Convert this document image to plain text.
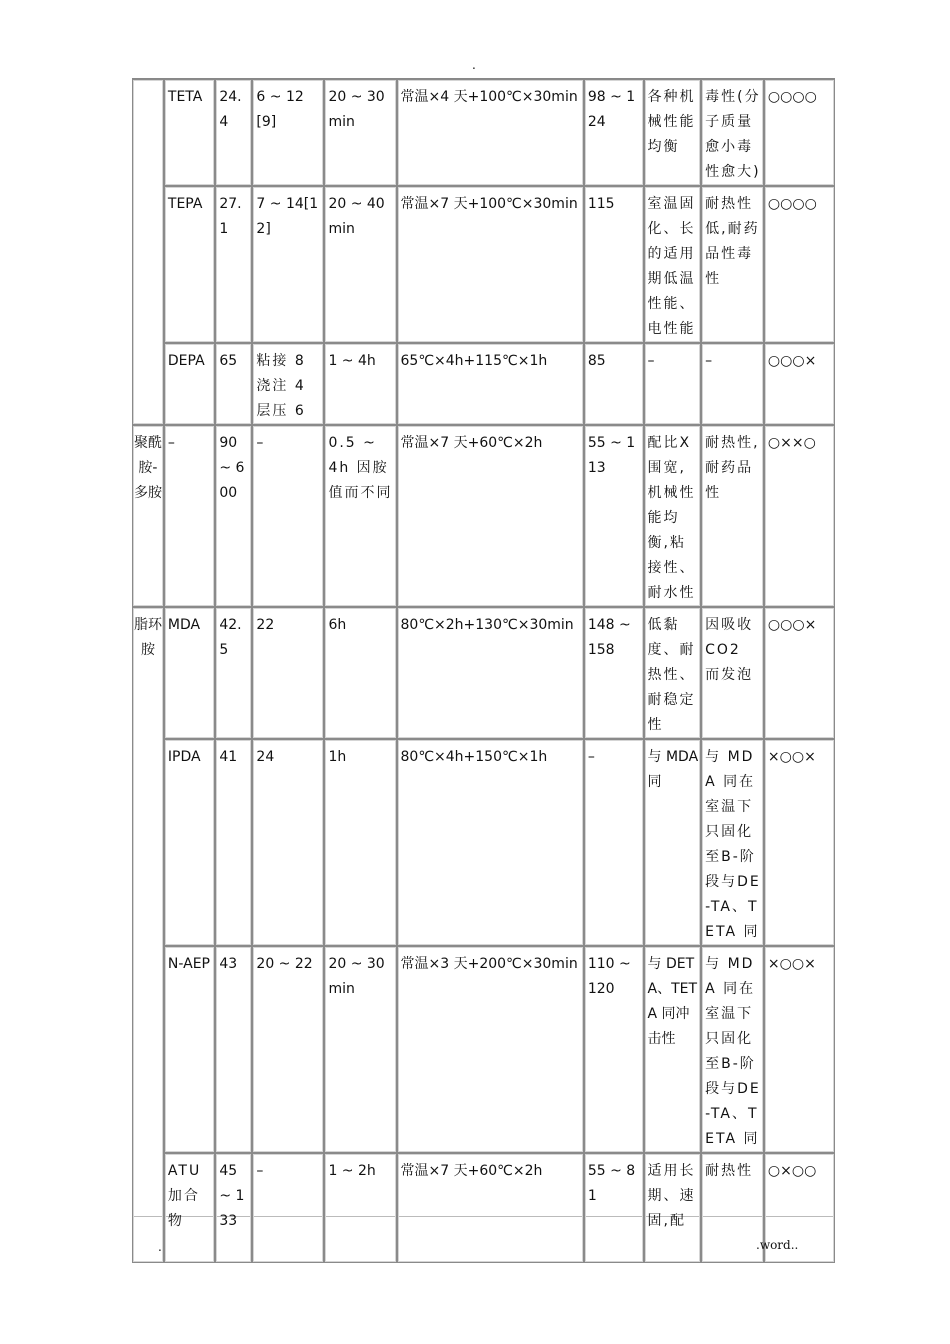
.
	TETA	24.4	6 ~ 12[9]	20 ~ 30min	常温×4 天+100℃×30min	98 ~ 124	各种机械性能均衡	毒性(分子质量愈小毒性愈大)	○○○○
	TEPA	27.1	7 ~ 14[12]	20 ~ 40min	常温×7 天+100℃×30min	115	室温固化、长的适用期低温性能、电性能	耐热性低,耐药品性毒性	○○○○
	DEPA	65	粘接 8 浇注 4 层压 6	1 ~ 4h	65℃×4h+115℃×1h	85	–	–	○○○×
聚酰胺-多胺	–	90 ~ 600	–	0.5 ~ 4h 因胺值而不同	常温×7 天+60℃×2h	55 ~ 113	配比X围宽,机械性能均衡,粘接性、耐水性	耐热性,耐药品性	○××○
脂环胺	MDA	42.5	22	6h	80℃×2h+130℃×30min	148 ~ 158	低黏度、耐热性、耐稳定性	因吸收CO2 而发泡	○○○×
	IPDA	41	24	1h	80℃×4h+150℃×1h	–	与 MDA 同	与 MDA 同在室温下只固化至B-阶段与DE-TA、TETA 同	×○○×
	N-AEP	43	20 ~ 22	20 ~ 30min	常温×3 天+200℃×30min	110 ~ 120	与 DETA、TETA 同冲击性	与 MDA 同在室温下只固化至B-阶段与DE-TA、TETA 同	×○○×
	ATU 加合物	45 ~ 133	–	1 ~ 2h	常温×7 天+60℃×2h	55 ~ 81	适用长期、速固,配	耐热性	○×○○
.	.word..
